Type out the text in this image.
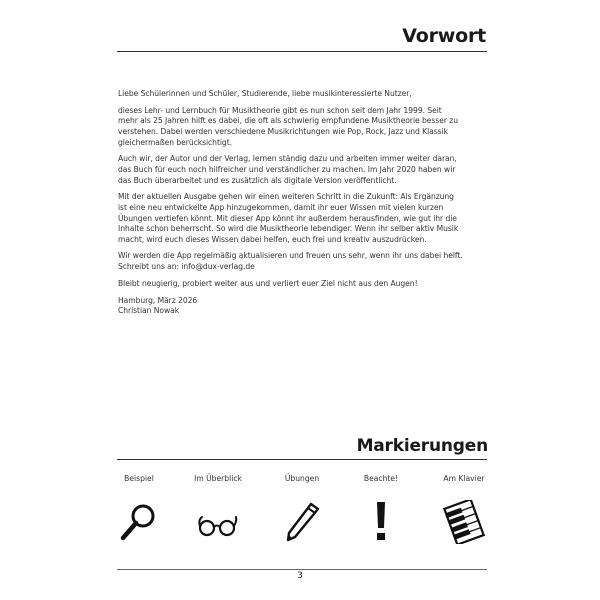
Vorwort

Liebe Schülerinnen und Schüler, Studierende, liebe musikinteressierte Nutzer,

dieses Lehr- und Lernbuch für Musiktheorie gibt es nun schon seit dem Jahr 1999. Seit
mehr als 25 Jahren hilft es dabei, die oft als schwierig empfundene Musiktheorie besser zu
verstehen. Dabei werden verschiedene Musikrichtungen wie Pop, Rock, Jazz und Klassik
gleichermaßen berücksichtigt.

Auch wir, der Autor und der Verlag, lernen ständig dazu und arbeiten immer weiter daran,
das Buch für euch noch hilfreicher und verständlicher zu machen. Im Jahr 2020 haben wir
das Buch überarbeitet und es zusätzlich als digitale Version veröffentlicht.

Mit der aktuellen Ausgabe gehen wir einen weiteren Schritt in die Zukunft: Als Ergänzung
ist eine neu entwickelte App hinzugekommen, damit ihr euer Wissen mit vielen kurzen
Übungen vertiefen könnt. Mit dieser App könnt ihr außerdem herausfinden, wie gut ihr die
Inhalte schon beherrscht. So wird die Musiktheorie lebendiger. Wenn ihr selber aktiv Musik
macht, wird euch dieses Wissen dabei helfen, euch frei und kreativ auszudrücken.

Wir werden die App regelmäßig aktualisieren und freuen uns sehr, wenn ihr uns dabei helft.
Schreibt uns an: info@dux-verlag.de

Bleibt neugierig, probiert weiter aus und verliert euer Ziel nicht aus den Augen!

Hamburg, März 2026
Christian Nowak

Markierungen
Beispiel	Im Überblick	Übungen	Beachte!	Am Klavier
3
